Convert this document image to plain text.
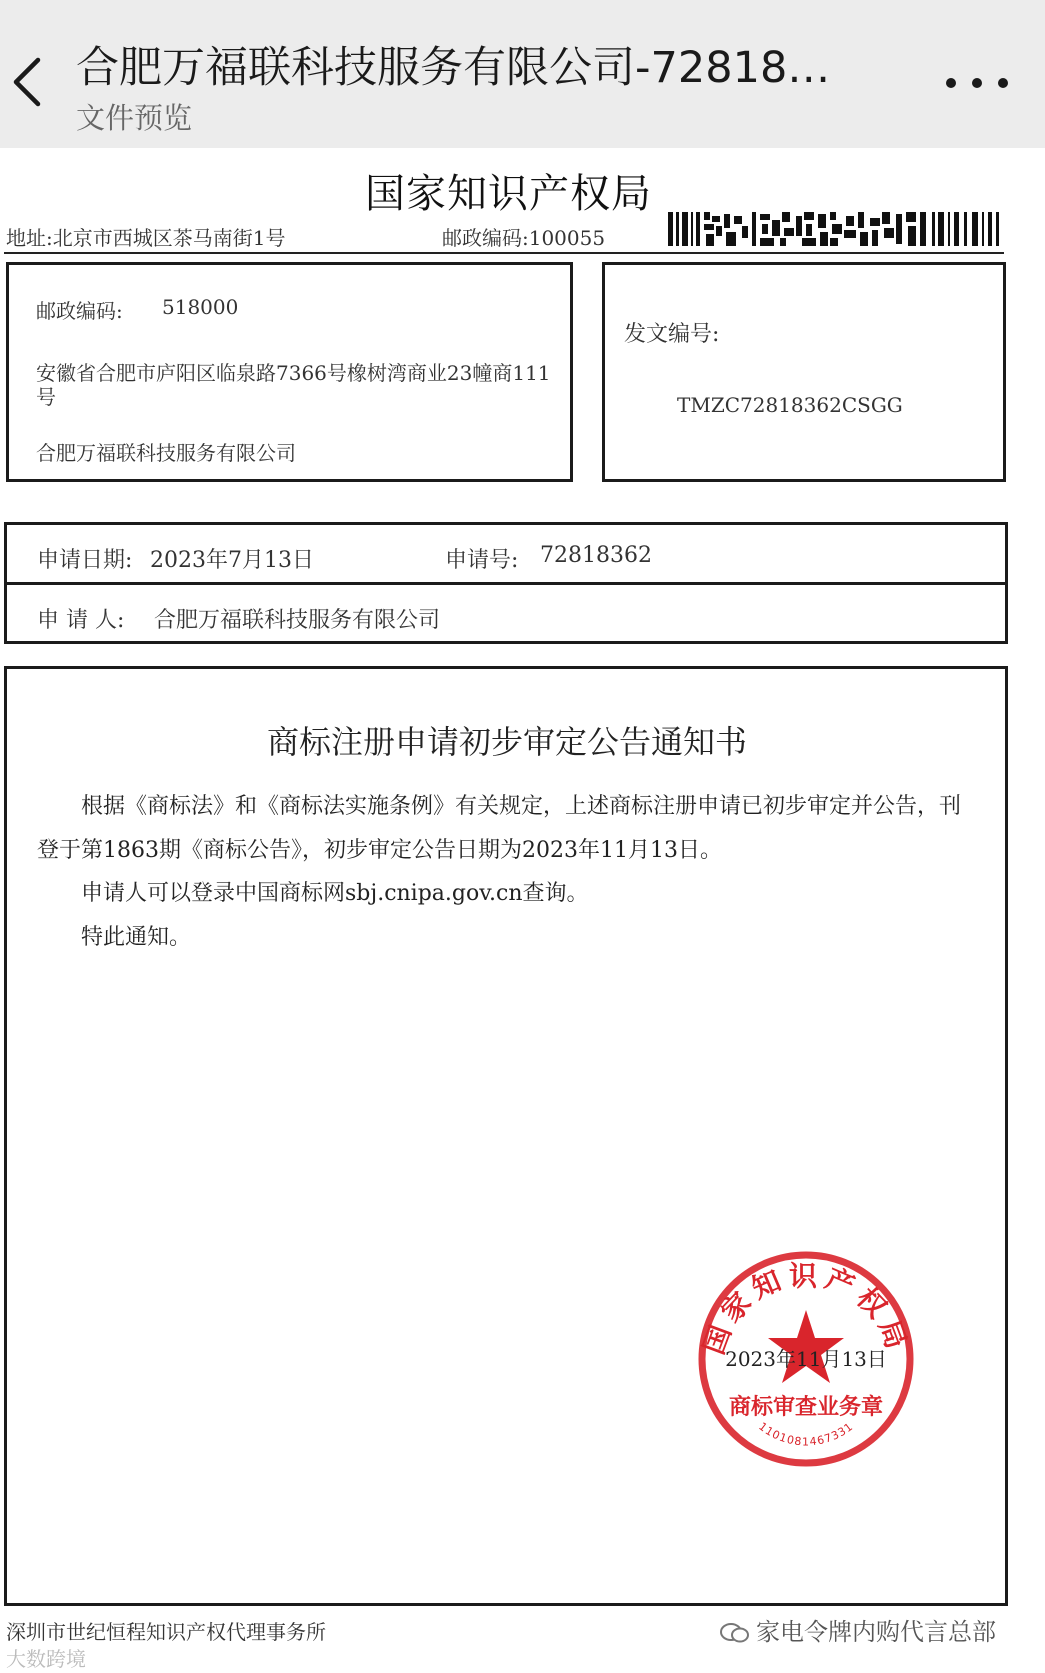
合肥万福联科技服务有限公司-72818…
文件预览
国家知识产权局
地址:北京市西城区茶马南街1号	邮政编码:100055
邮政编码: 518000
安徽省合肥市庐阳区临泉路7366号橡树湾商业23幢商111
号
合肥万福联科技服务有限公司
发文编号:
TMZC72818362CSGG
申请日期: 2023年7月13日	申请号: 72818362
申 请 人: 合肥万福联科技服务有限公司
商标注册申请初步审定公告通知书
根据《商标法》和《商标法实施条例》有关规定，上述商标注册申请已初步审定并公告，刊登于第1863期《商标公告》，初步审定公告日期为2023年11月13日。
申请人可以登录中国商标网sbj.cnipa.gov.cn查询。
特此通知。
国家知识产权局
商标审查业务章
1101081467331
2023年11月13日
深圳市世纪恒程知识产权代理事务所
大数跨境
家电令牌内购代言总部
